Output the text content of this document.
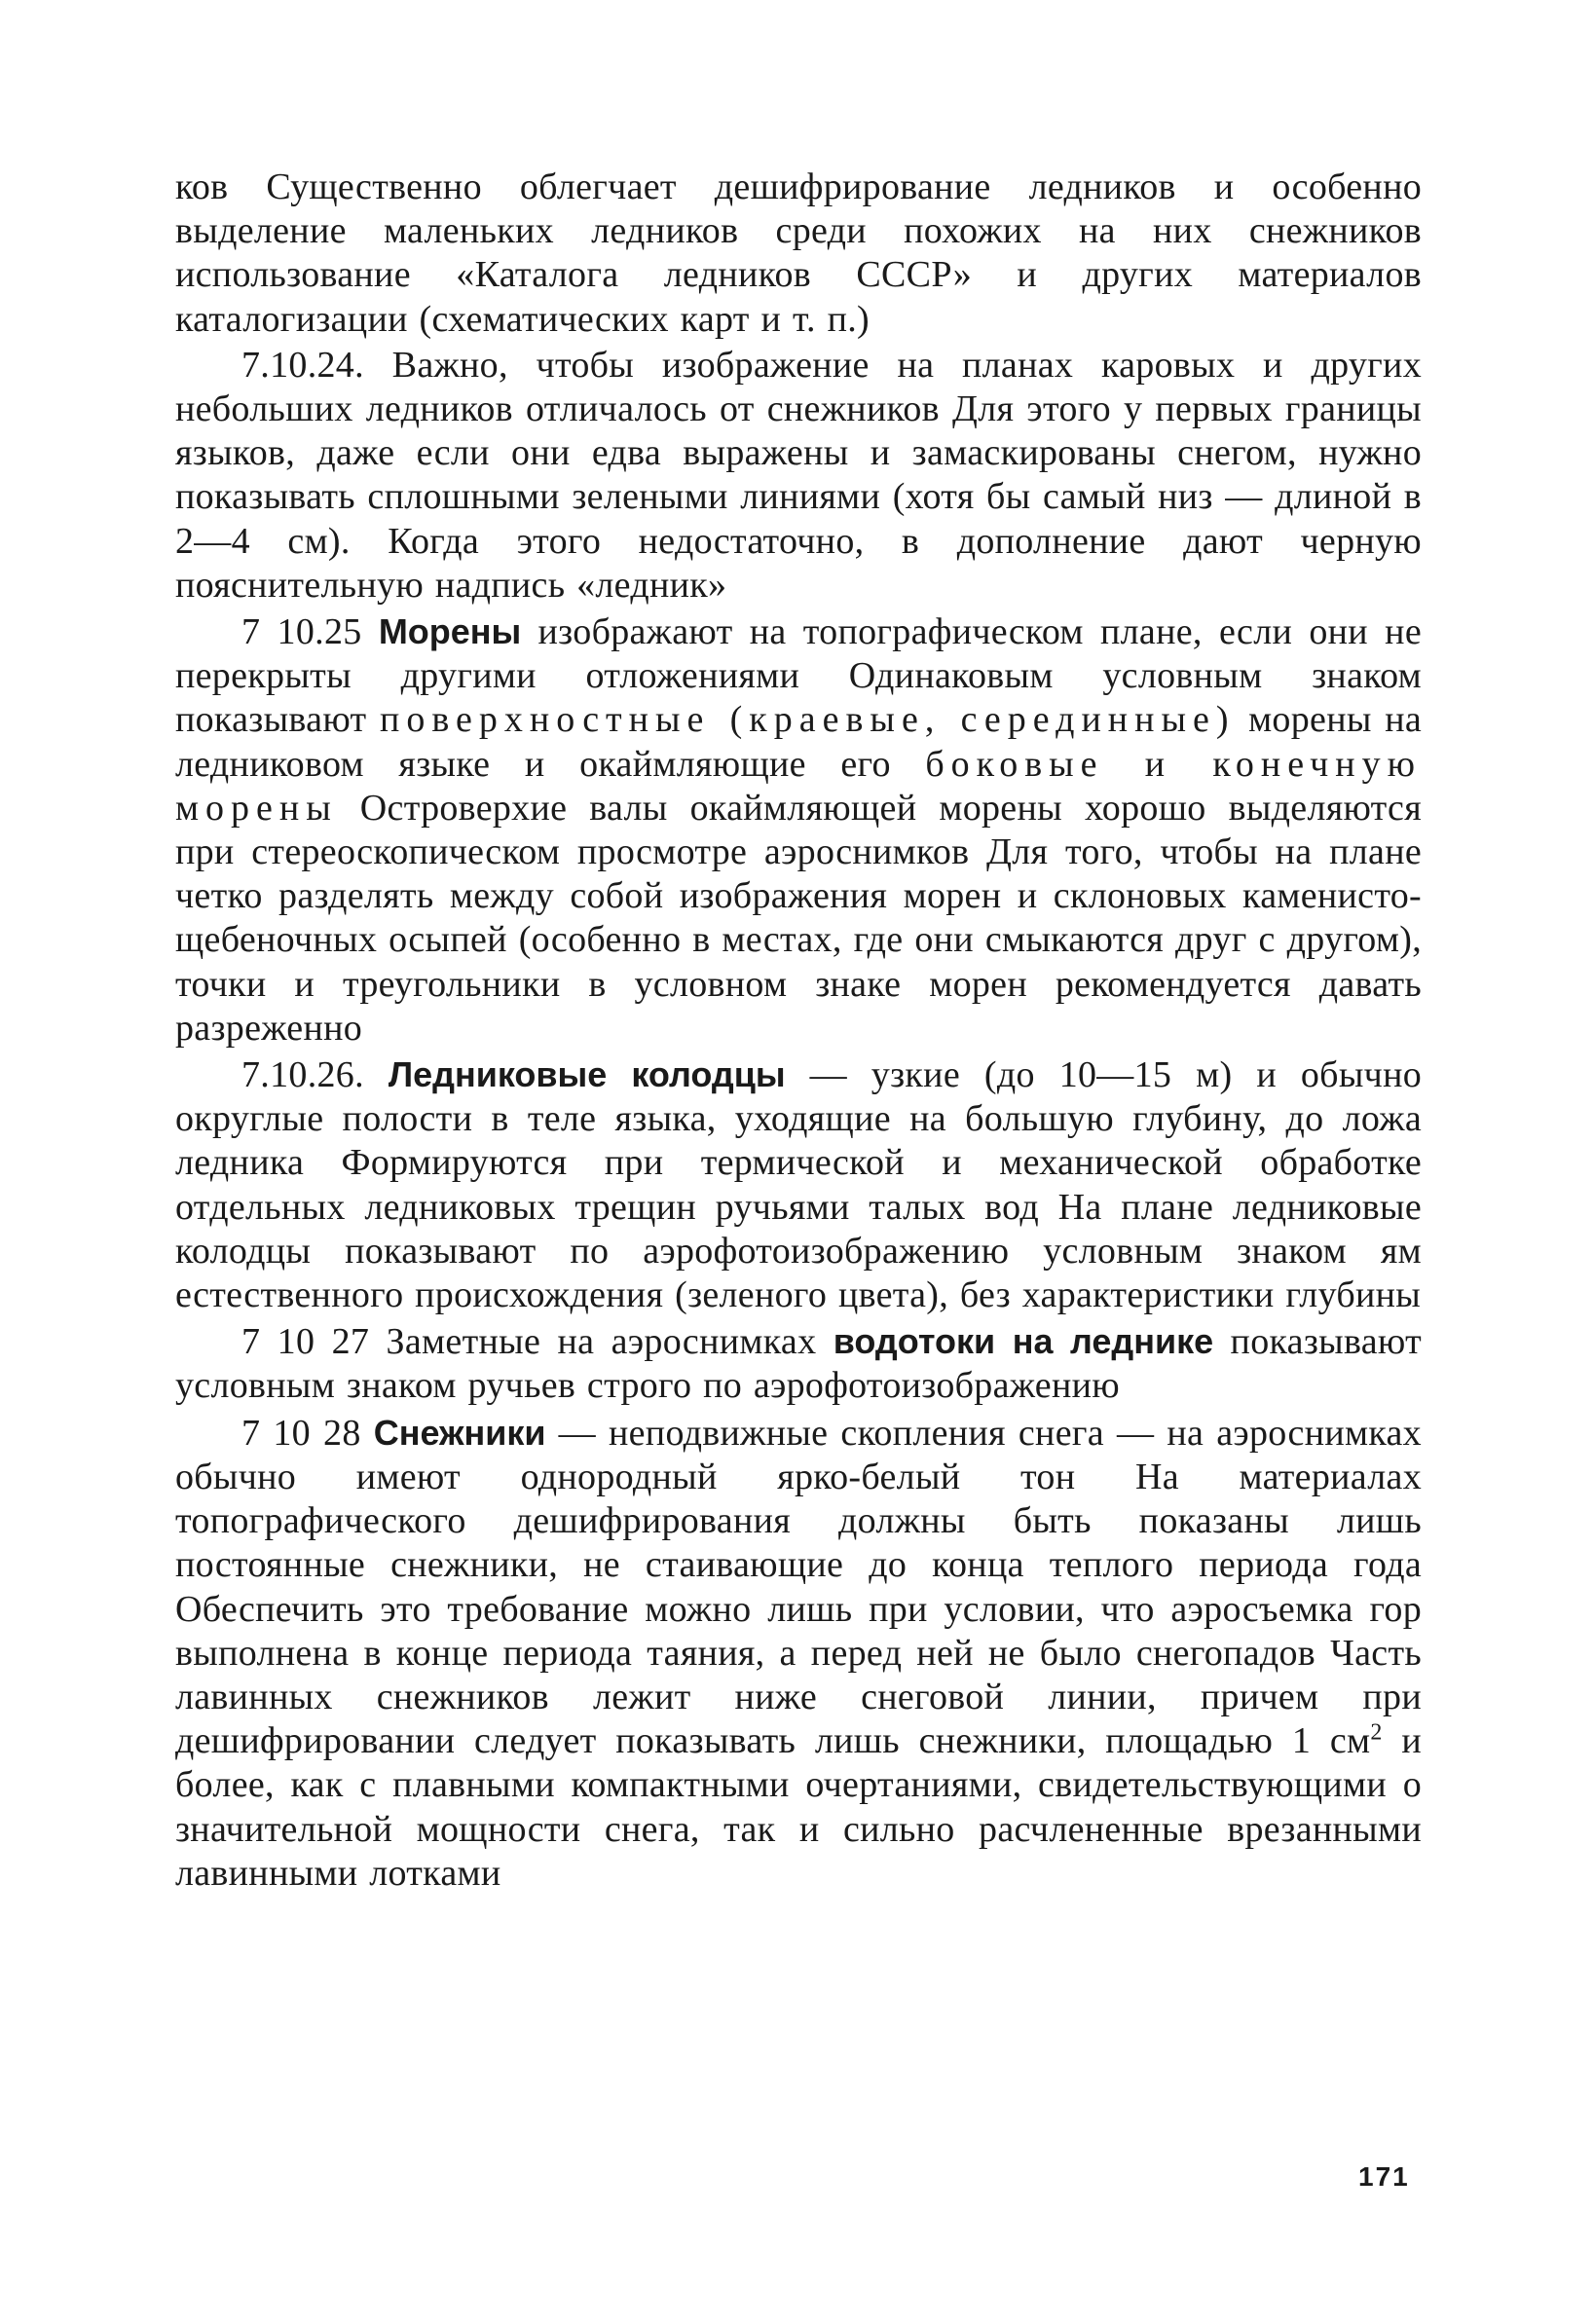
ков Существенно облегчает дешифрирование ледников и особенно выделение маленьких ледников среди похожих на них снежников использование «Каталога ледников СССР» и других материалов каталогизации (схематических карт и т. п.)

7.10.24. Важно, чтобы изображение на планах каровых и других небольших ледников отличалось от снежников Для этого у первых границы языков, даже если они едва выражены и замаскированы снегом, нужно показывать сплошными зелеными линиями (хотя бы самый низ — длиной в 2—4 см). Когда этого недостаточно, в дополнение дают черную пояснительную надпись «ледник»

7 10.25 Морены изображают на топографическом плане, если они не перекрыты другими отложениями Одинаковым условным знаком показывают поверхностные (краевые, серединные) морены на ледниковом языке и окаймляющие его боковые и конечную морены Островерхие валы окаймляющей морены хорошо выделяются при стереоскопическом просмотре аэроснимков Для того, чтобы на плане четко разделять между собой изображения морен и склоновых каменисто-щебеночных осыпей (особенно в местах, где они смыкаются друг с другом), точки и треугольники в условном знаке морен рекомендуется давать разреженно

7.10.26. Ледниковые колодцы — узкие (до 10—15 м) и обычно округлые полости в теле языка, уходящие на большую глубину, до ложа ледника Формируются при термической и механической обработке отдельных ледниковых трещин ручьями талых вод На плане ледниковые колодцы показывают по аэрофотоизображению условным знаком ям естественного происхождения (зеленого цвета), без характеристики глубины

7 10 27 Заметные на аэроснимках водотоки на леднике показывают условным знаком ручьев строго по аэрофотоизображению

7 10 28 Снежники — неподвижные скопления снега — на аэроснимках обычно имеют однородный ярко-белый тон На материалах топографического дешифрирования должны быть показаны лишь постоянные снежники, не стаивающие до конца теплого периода года Обеспечить это требование можно лишь при условии, что аэросъемка гор выполнена в конце периода таяния, а перед ней не было снегопадов Часть лавинных снежников лежит ниже снеговой линии, причем при дешифрировании следует показывать лишь снежники, площадью 1 $см^2$ и более, как с плавными компактными очертаниями, свидетельствующими о значительной мощности снега, так и сильно расчлененные врезанными лавинными лотками

171
